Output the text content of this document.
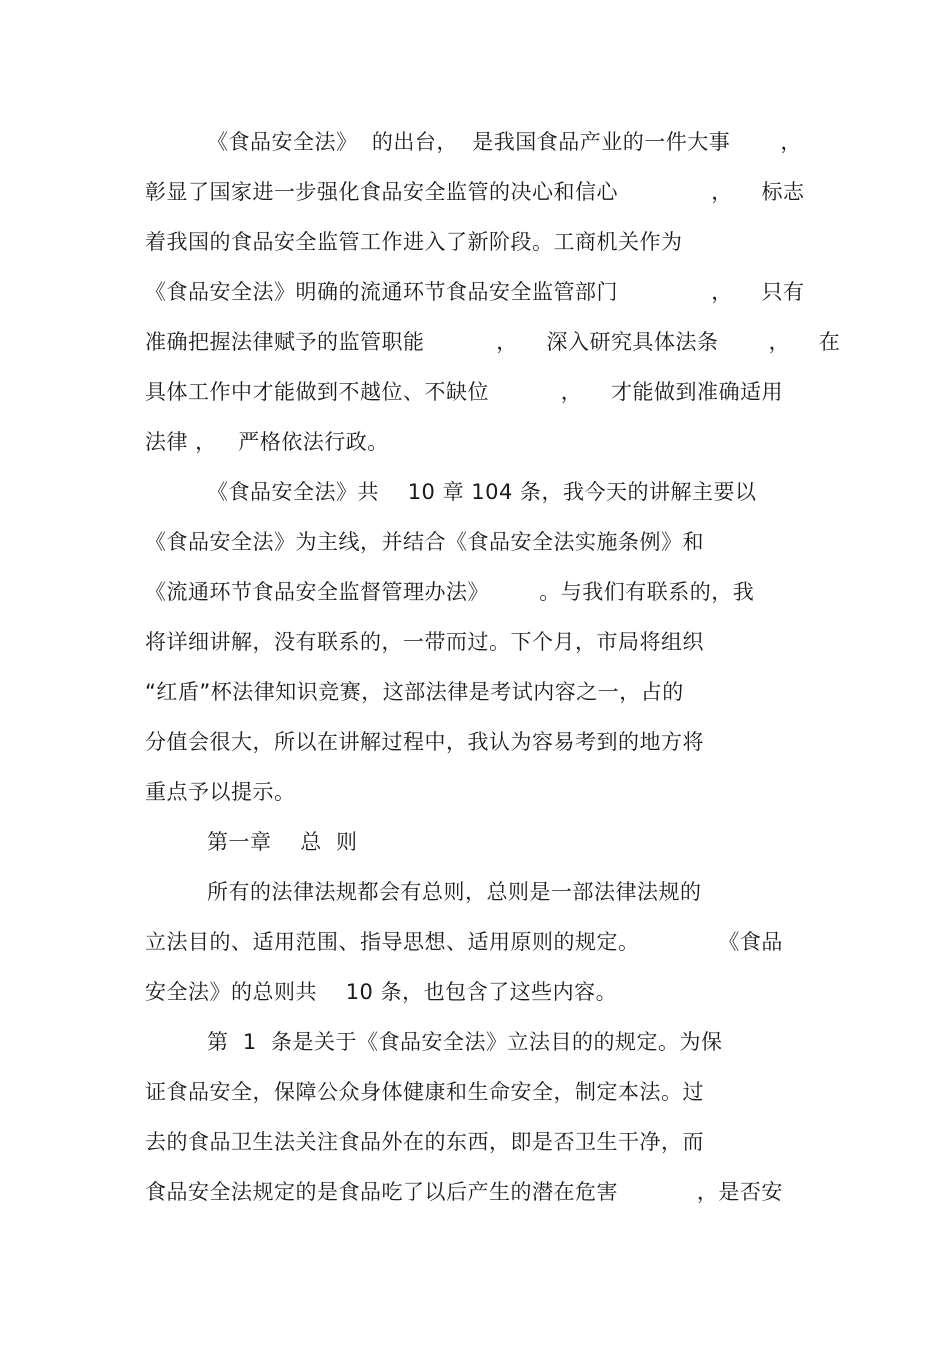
《食品安全法》  的出台，  是我国食品产业的一件大事       ，
彰显了国家进一步强化食品安全监管的决心和信心             ，    标志
着我国的食品安全监管工作进入了新阶段。工商机关作为
《食品安全法》明确的流通环节食品安全监管部门             ，    只有
准确把握法律赋予的监管职能          ，    深入研究具体法条       ，    在
具体工作中才能做到不越位、不缺位          ，    才能做到准确适用
法律 ，   严格依法行政。
《食品安全法》共    10 章 104 条，我今天的讲解主要以
《食品安全法》为主线，并结合《食品安全法实施条例》和
《流通环节食品安全监督管理办法》       。与我们有联系的，我
将详细讲解，没有联系的，一带而过。下个月，市局将组织
“红盾”杯法律知识竞赛，这部法律是考试内容之一，占的
分值会很大，所以在讲解过程中，我认为容易考到的地方将
重点予以提示。
第一章    总  则
所有的法律法规都会有总则，总则是一部法律法规的
立法目的、适用范围、指导思想、适用原则的规定。           《食品
安全法》的总则共    10 条，也包含了这些内容。
第  1  条是关于《食品安全法》立法目的的规定。为保
证食品安全，保障公众身体健康和生命安全，制定本法。过
去的食品卫生法关注食品外在的东西，即是否卫生干净，而
食品安全法规定的是食品吃了以后产生的潜在危害           ，是否安
